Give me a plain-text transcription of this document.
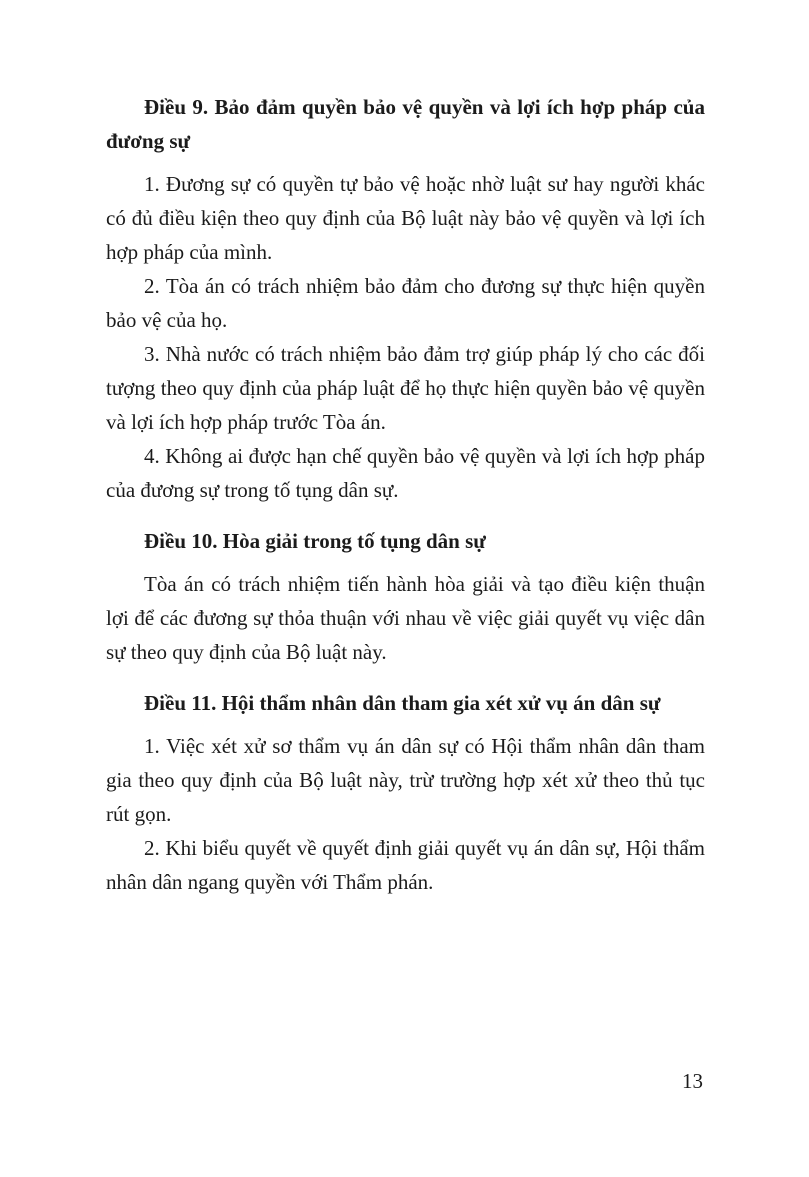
Điều 9. Bảo đảm quyền bảo vệ quyền và lợi ích hợp pháp của đương sự

1. Đương sự có quyền tự bảo vệ hoặc nhờ luật sư hay người khác có đủ điều kiện theo quy định của Bộ luật này bảo vệ quyền và lợi ích hợp pháp của mình.

2. Tòa án có trách nhiệm bảo đảm cho đương sự thực hiện quyền bảo vệ của họ.

3. Nhà nước có trách nhiệm bảo đảm trợ giúp pháp lý cho các đối tượng theo quy định của pháp luật để họ thực hiện quyền bảo vệ quyền và lợi ích hợp pháp trước Tòa án.

4. Không ai được hạn chế quyền bảo vệ quyền và lợi ích hợp pháp của đương sự trong tố tụng dân sự.

Điều 10. Hòa giải trong tố tụng dân sự

Tòa án có trách nhiệm tiến hành hòa giải và tạo điều kiện thuận lợi để các đương sự thỏa thuận với nhau về việc giải quyết vụ việc dân sự theo quy định của Bộ luật này.

Điều 11. Hội thẩm nhân dân tham gia xét xử vụ án dân sự

1. Việc xét xử sơ thẩm vụ án dân sự có Hội thẩm nhân dân tham gia theo quy định của Bộ luật này, trừ trường hợp xét xử theo thủ tục rút gọn.

2. Khi biểu quyết về quyết định giải quyết vụ án dân sự, Hội thẩm nhân dân ngang quyền với Thẩm phán.

13
